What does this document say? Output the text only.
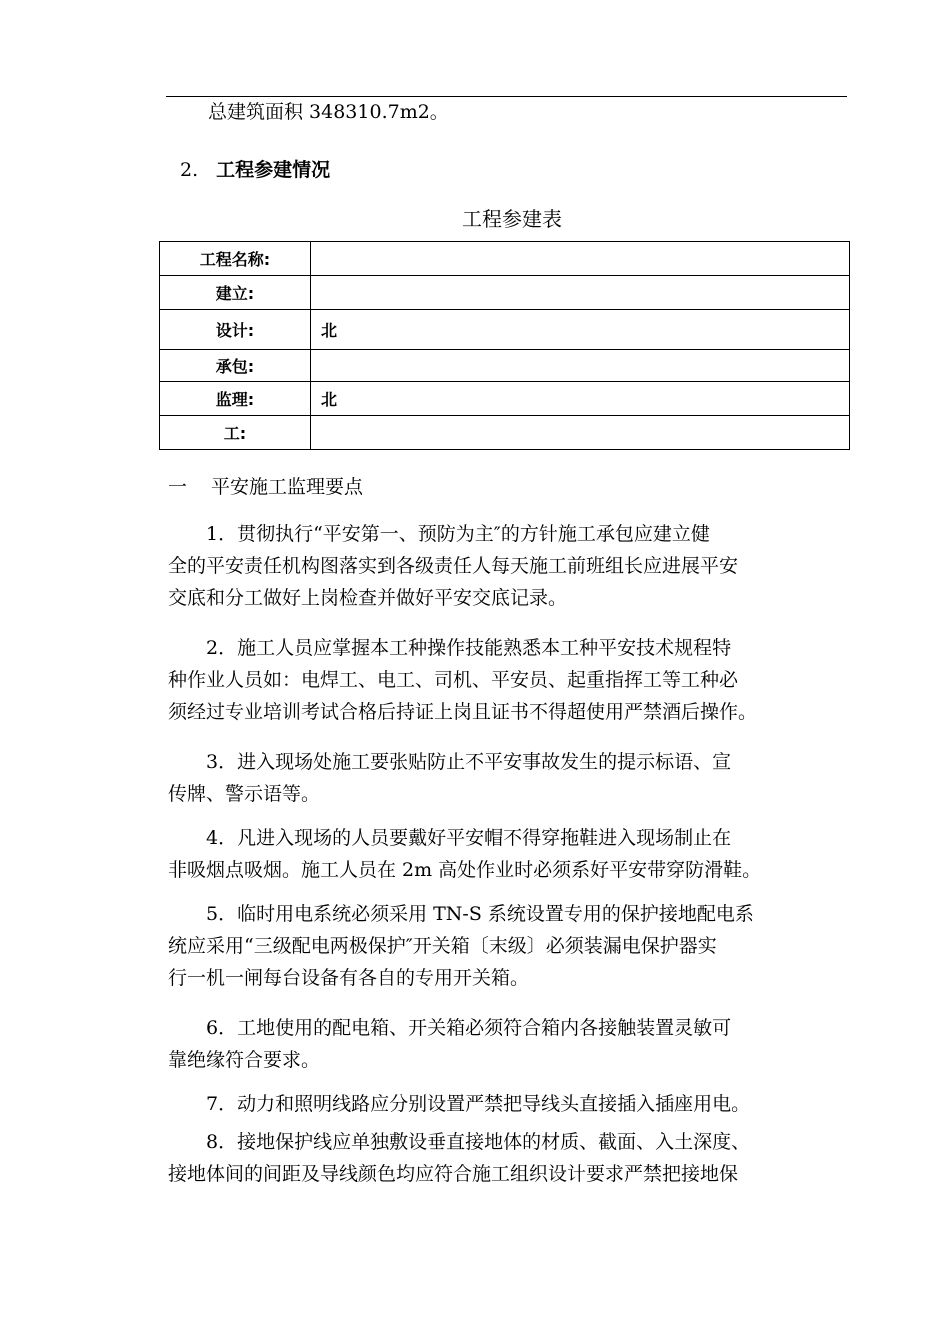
总建筑面积 348310.7m2。
2. 工程参建情况
工程参建表
工程名称:	
建立:	
设计:	北
承包:	
监理:	北
工:	
一 平安施工监理要点
　　1．贯彻执行“平安第一、预防为主″的方针施工承包应建立健
全的平安责任机构图落实到各级责任人每天施工前班组长应进展平安
交底和分工做好上岗检查并做好平安交底记录。
　　2．施工人员应掌握本工种操作技能熟悉本工种平安技术规程特
种作业人员如：电焊工、电工、司机、平安员、起重指挥工等工种必
须经过专业培训考试合格后持证上岗且证书不得超使用严禁酒后操作。
　　3．进入现场处施工要张贴防止不平安事故发生的提示标语、宣
传牌、警示语等。
　　4．凡进入现场的人员要戴好平安帽不得穿拖鞋进入现场制止在
非吸烟点吸烟。施工人员在 2m 高处作业时必须系好平安带穿防滑鞋。
　　5．临时用电系统必须采用 TN-S 系统设置专用的保护接地配电系
统应采用“三级配电两极保护″开关箱〔末级〕必须装漏电保护器实
行一机一闸每台设备有各自的专用开关箱。
　　6．工地使用的配电箱、开关箱必须符合箱内各接触装置灵敏可
靠绝缘符合要求。
　　7．动力和照明线路应分别设置严禁把导线头直接插入插座用电。
　　8．接地保护线应单独敷设垂直接地体的材质、截面、入土深度、
接地体间的间距及导线颜色均应符合施工组织设计要求严禁把接地保
